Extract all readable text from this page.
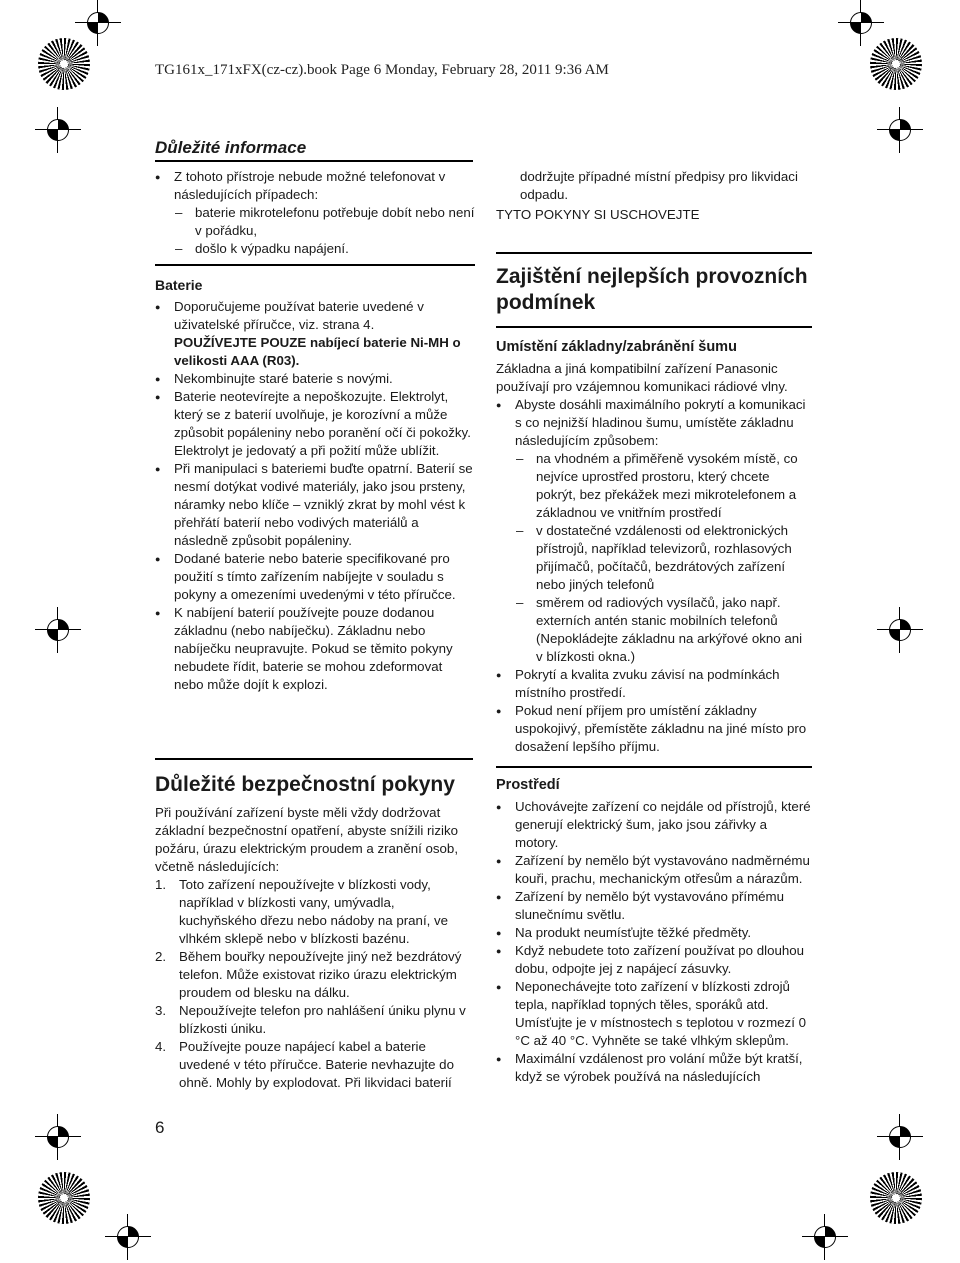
TG161x_171xFX(cz-cz).book Page 6 Monday, February 28, 2011 9:36 AM
Důležité informace

● Z tohoto přístroje nebude možné telefonovat v následujících případech:

– baterie mikrotelefonu potřebuje dobít nebo není v pořádku,

– došlo k výpadku napájení.

Baterie

● Doporučujeme používat baterie uvedené v uživatelské příručce, viz. strana 4.

POUŽÍVEJTE POUZE nabíjecí baterie Ni-MH o velikosti AAA (R03).

● Nekombinujte staré baterie s novými.

● Baterie neotevírejte a nepoškozujte. Elektrolyt, který se z baterií uvolňuje, je korozívní a může způsobit popáleniny nebo poranění očí či pokožky. Elektrolyt je jedovatý a při požití může ublížit.

● Při manipulaci s bateriemi buďte opatrní. Baterií se nesmí dotýkat vodivé materiály, jako jsou prsteny, náramky nebo klíče – vzniklý zkrat by mohl vést k přehřátí baterií nebo vodivých materiálů a následně způsobit popáleniny.

● Dodané baterie nebo baterie specifikované pro použití s tímto zařízením nabíjejte v souladu s pokyny a omezeními uvedenými v této příručce.

● K nabíjení baterií používejte pouze dodanou základnu (nebo nabíječku). Základnu nebo nabíječku neupravujte. Pokud se těmito pokyny nebudete řídit, baterie se mohou zdeformovat nebo může dojít k explozi.

Důležité bezpečnostní pokyny

Při používání zařízení byste měli vždy dodržovat základní bezpečnostní opatření, abyste snížili riziko požáru, úrazu elektrickým proudem a zranění osob, včetně následujících:

1. Toto zařízení nepoužívejte v blízkosti vody, například v blízkosti vany, umývadla, kuchyňského dřezu nebo nádoby na praní, ve vlhkém sklepě nebo v blízkosti bazénu.

2. Během bouřky nepoužívejte jiný než bezdrátový telefon. Může existovat riziko úrazu elektrickým proudem od blesku na dálku.

3. Nepoužívejte telefon pro nahlášení úniku plynu v blízkosti úniku.

4. Používejte pouze napájecí kabel a baterie uvedené v této příručce. Baterie nevhazujte do ohně. Mohly by explodovat. Při likvidaci baterií

6

dodržujte případné místní předpisy pro likvidaci odpadu.

TYTO POKYNY SI USCHOVEJTE

Zajištění nejlepších provozních podmínek

Umístění základny/zabránění šumu

Základna a jiná kompatibilní zařízení Panasonic používají pro vzájemnou komunikaci rádiové vlny.

● Abyste dosáhli maximálního pokrytí a komunikaci s co nejnižší hladinou šumu, umístěte základnu následujícím způsobem:

– na vhodném a přiměřeně vysokém místě, co nejvíce uprostřed prostoru, který chcete pokrýt, bez překážek mezi mikrotelefonem a základnou ve vnitřním prostředí

– v dostatečné vzdálenosti od elektronických přístrojů, například televizorů, rozhlasových přijímačů, počítačů, bezdrátových zařízení nebo jiných telefonů

– směrem od radiových vysílačů, jako např. externích antén stanic mobilních telefonů (Nepokládejte základnu na arkýřové okno ani v blízkosti okna.)

● Pokrytí a kvalita zvuku závisí na podmínkách místního prostředí.

● Pokud není příjem pro umístění základny uspokojivý, přemístěte základnu na jiné místo pro dosažení lepšího příjmu.

Prostředí

● Uchovávejte zařízení co nejdále od přístrojů, které generují elektrický šum, jako jsou zářivky a motory.

● Zařízení by nemělo být vystavováno nadměrnému kouři, prachu, mechanickým otřesům a nárazům.

● Zařízení by nemělo být vystavováno přímému slunečnímu světlu.

● Na produkt neumísťujte těžké předměty.

● Když nebudete toto zařízení používat po dlouhou dobu, odpojte jej z napájecí zásuvky.

● Neponechávejte toto zařízení v blízkosti zdrojů tepla, například topných těles, sporáků atd. Umísťujte je v místnostech s teplotou v rozmezí 0 °C až 40 °C. Vyhněte se také vlhkým sklepům.

● Maximální vzdálenost pro volání může být kratší, když se výrobek používá na následujících
